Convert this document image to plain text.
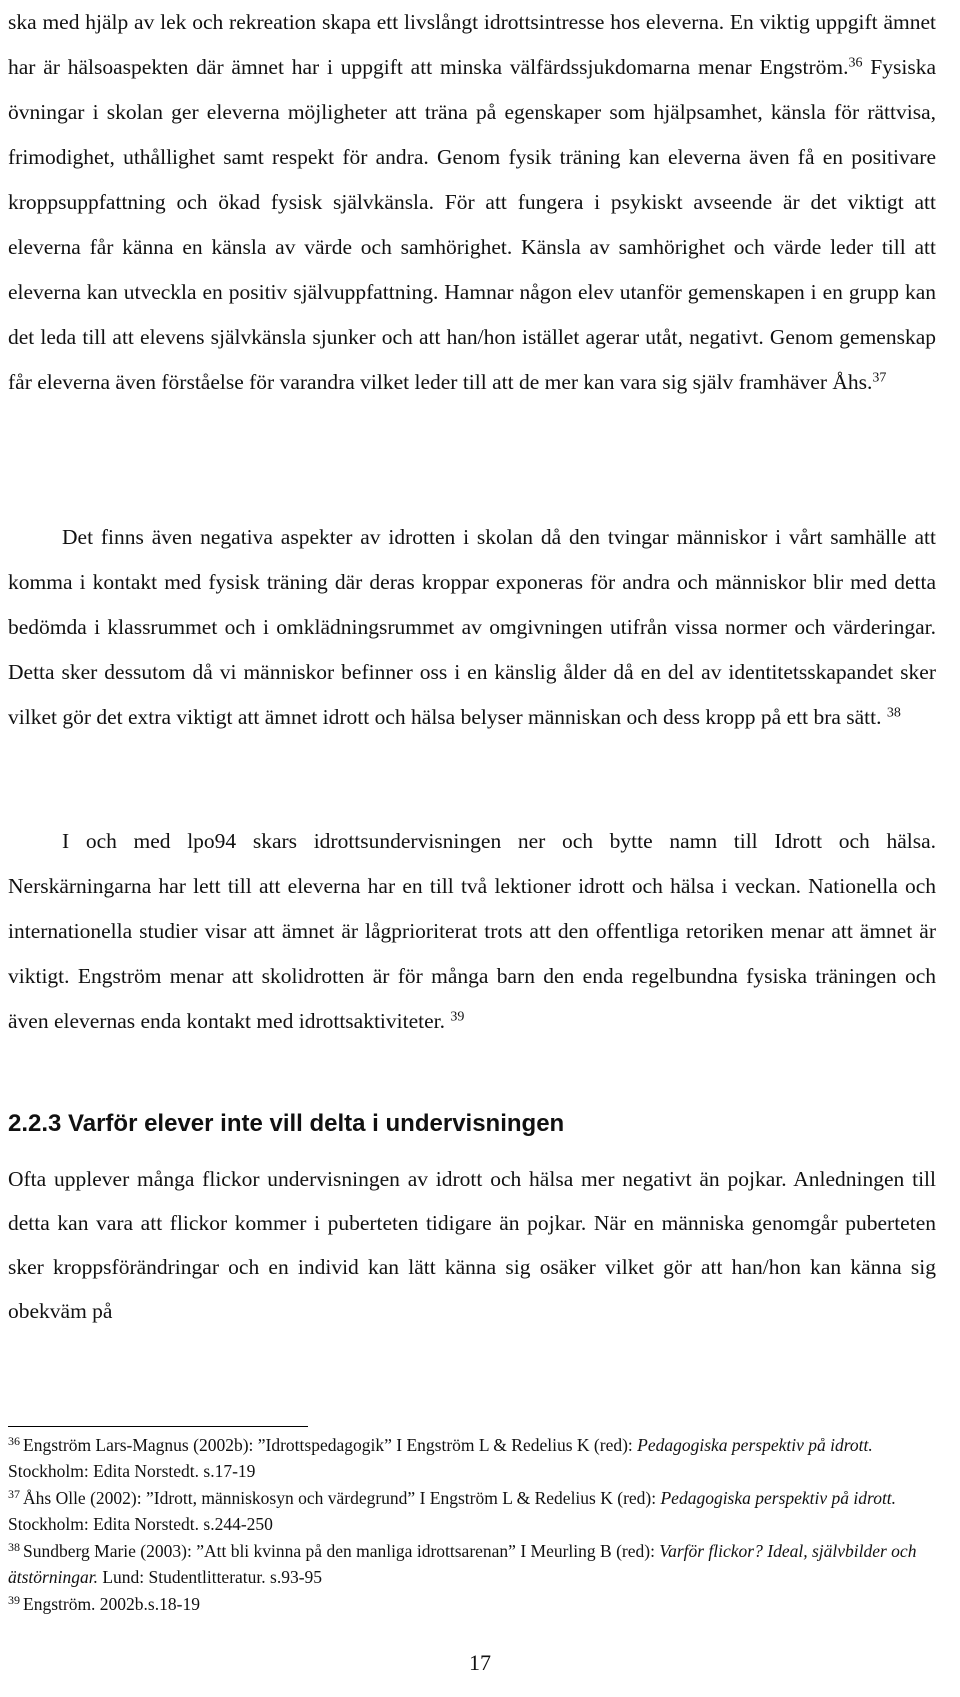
ska med hjälp av lek och rekreation skapa ett livslångt idrottsintresse hos eleverna. En viktig uppgift ämnet har är hälsoaspekten där ämnet har i uppgift att minska välfärdssjukdomarna menar Engström.$^{36}$ Fysiska övningar i skolan ger eleverna möjligheter att träna på egenskaper som hjälpsamhet, känsla för rättvisa, frimodighet, uthållighet samt respekt för andra. Genom fysik träning kan eleverna även få en positivare kroppsuppfattning och ökad fysisk självkänsla. För att fungera i psykiskt avseende är det viktigt att eleverna får känna en känsla av värde och samhörighet. Känsla av samhörighet och värde leder till att eleverna kan utveckla en positiv självuppfattning. Hamnar någon elev utanför gemenskapen i en grupp kan det leda till att elevens självkänsla sjunker och att han/hon istället agerar utåt, negativt. Genom gemenskap får eleverna även förståelse för varandra vilket leder till att de mer kan vara sig själv framhäver Åhs.$^{37}$

Det finns även negativa aspekter av idrotten i skolan då den tvingar människor i vårt samhälle att komma i kontakt med fysisk träning där deras kroppar exponeras för andra och människor blir med detta bedömda i klassrummet och i omklädningsrummet av omgivningen utifrån vissa normer och värderingar. Detta sker dessutom då vi människor befinner oss i en känslig ålder då en del av identitetsskapandet sker vilket gör det extra viktigt att ämnet idrott och hälsa belyser människan och dess kropp på ett bra sätt. $^{38}$

I och med lpo94 skars idrottsundervisningen ner och bytte namn till Idrott och hälsa. Nerskärningarna har lett till att eleverna har en till två lektioner idrott och hälsa i veckan. Nationella och internationella studier visar att ämnet är lågprioriterat trots att den offentliga retoriken menar att ämnet är viktigt. Engström menar att skolidrotten är för många barn den enda regelbundna fysiska träningen och även elevernas enda kontakt med idrottsaktiviteter. $^{39}$

2.2.3 Varför elever inte vill delta i undervisningen

Ofta upplever många flickor undervisningen av idrott och hälsa mer negativt än pojkar. Anledningen till detta kan vara att flickor kommer i puberteten tidigare än pojkar. När en människa genomgår puberteten sker kroppsförändringar och en individ kan lätt känna sig osäker vilket gör att han/hon kan känna sig obekväm på

$^{36}$ Engström Lars-Magnus (2002b): ”Idrottspedagogik” I Engström L & Redelius K (red): Pedagogiska perspektiv på idrott. Stockholm: Edita Norstedt. s.17-19

$^{37}$ Åhs Olle (2002): ”Idrott, människosyn och värdegrund” I Engström L & Redelius K (red): Pedagogiska perspektiv på idrott. Stockholm: Edita Norstedt. s.244-250

$^{38}$ Sundberg Marie (2003): ”Att bli kvinna på den manliga idrottsarenan” I Meurling B (red): Varför flickor? Ideal, självbilder och ätstörningar. Lund: Studentlitteratur. s.93-95

$^{39}$ Engström. 2002b.s.18-19

17
